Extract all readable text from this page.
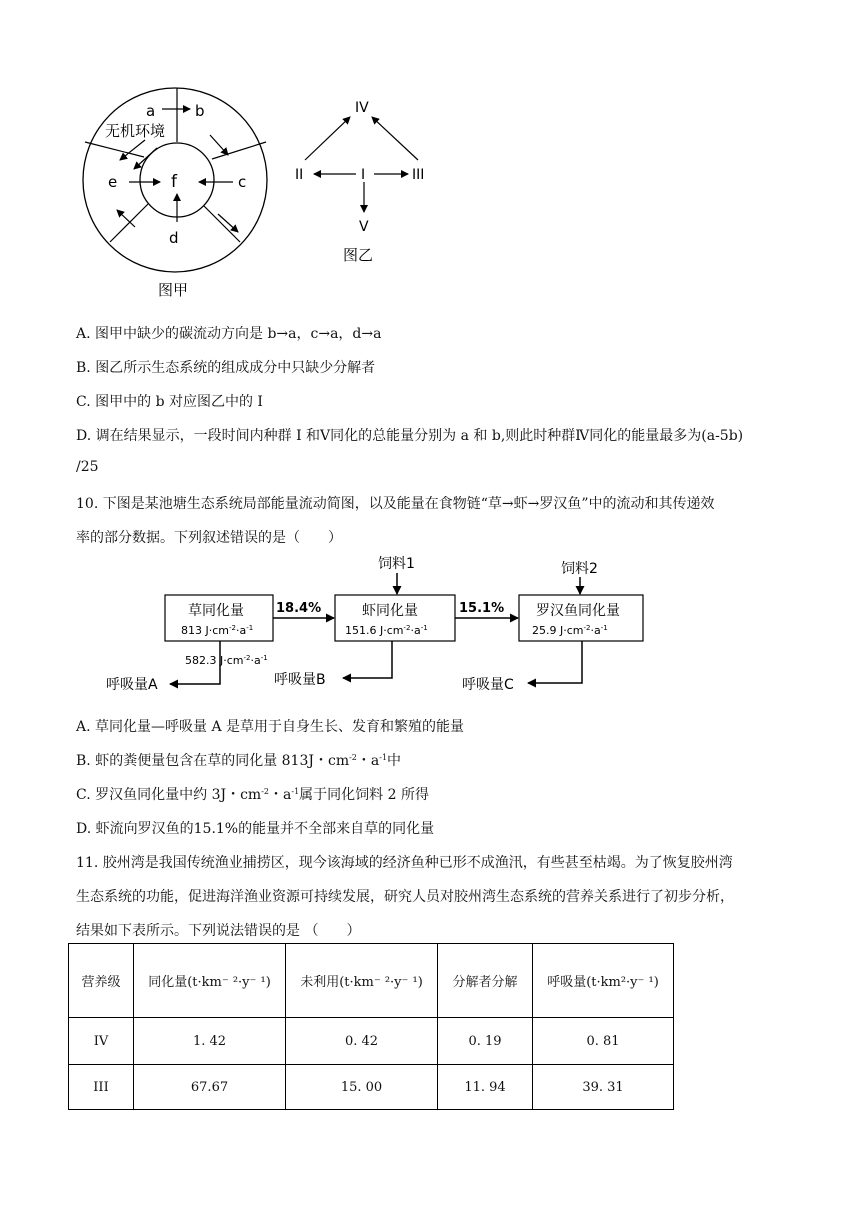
a	b
无机环境
e	f	c
d
图甲
IV
II	I	III
V
图乙
A. 图甲中缺少的碳流动方向是 b→a，c→a，d→a
B. 图乙所示生态系统的组成成分中只缺少分解者
C. 图甲中的 b 对应图乙中的 I
D. 调在结果显示，一段时间内种群 I 和Ⅴ同化的总能量分别为 a 和 b,则此时种群Ⅳ同化的能量最多为(a-5b)
/25
10. 下图是某池塘生态系统局部能量流动简图，以及能量在食物链“草→虾→罗汉鱼”中的流动和其传递效
率的部分数据。下列叙述错误的是（　　）
草同化量
813 $J\cdot cm^{-2}\cdot a^{-1}$
虾同化量
151.6 $J\cdot cm^{-2}\cdot a^{-1}$
罗汉鱼同化量
25.9 $J\cdot cm^{-2}\cdot a^{-1}$
18.4%	15.1%
饲料1	饲料2
呼吸量A
582.3 $J\cdot cm^{-2}\cdot a^{-1}$
呼吸量B	呼吸量C
A. 草同化量—呼吸量 A 是草用于自身生长、发育和繁殖的能量
B. 虾的粪便量包含在草的同化量 813J・$cm^{-2}$・$a^{-1}$中
C. 罗汉鱼同化量中约 3J・$cm^{-2}$・$a^{-1}$属于同化饲料 2 所得
D. 虾流向罗汉鱼的15.1%的能量并不全部来自草的同化量
11. 胶州湾是我国传统渔业捕捞区，现今该海域的经济鱼种已形不成渔汛，有些甚至枯竭。为了恢复胶州湾
生态系统的功能，促进海洋渔业资源可持续发展，研究人员对胶州湾生态系统的营养关系进行了初步分析，
结果如下表所示。下列说法错误的是 （　　）
营养级	同化量(t·km⁻ ²·y⁻ ¹)	未利用(t·km⁻ ²·y⁻ ¹)	分解者分解	呼吸量(t·km²·y⁻ ¹)
IV	1. 42	0. 42	0. 19	0. 81
III	67.67	15. 00	11. 94	39. 31
